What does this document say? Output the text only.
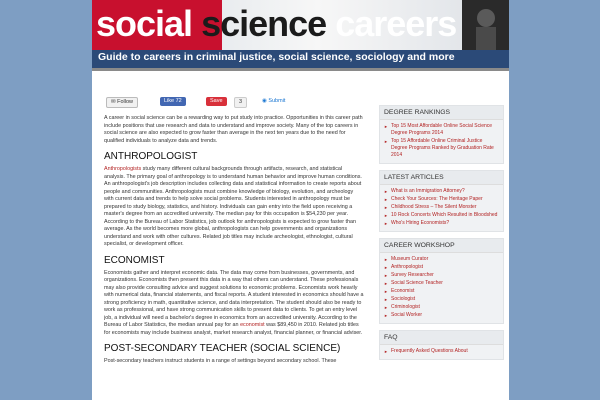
social science careers
Guide to careers in criminal justice, social science, sociology and more
✉ Follow	Like 72	Save	3	◉ Submit

A career in social science can be a rewarding way to put study into practice. Opportunities in this career path include positions that use research and data to understand and improve society. Many of the top careers in social science are also expected to grow faster than average in the next ten years due to the need for qualified individuals to analyze data and trends.

ANTHROPOLOGIST

Anthropologists study many different cultural backgrounds through artifacts, research, and statistical analysis. The primary goal of anthropology is to understand human behavior and improve human conditions. An anthropologist's job description includes collecting data and statistical information to create reports about people and communities. Anthropologists must combine knowledge of biology, evolution, and archeology with current data and trends to help solve social problems. Students interested in anthropology must be prepared to study biology, statistics, and history. Individuals can gain entry into the field upon receiving a master's degree from an accredited university. The median pay for this occupation is $54,230 per year. According to the Bureau of Labor Statistics, job outlook for anthropologists is expected to grow faster than average. As the world becomes more global, anthropologists can help governments and organizations understand and work with other cultures. Related job titles may include archeologist, ethnologist, cultural specialist, or development officer.

ECONOMIST

Economists gather and interpret economic data. The data may come from businesses, governments, and organizations. Economists then present this data in a way that others can understand. These professionals may also provide consulting advice and suggest solutions to economic problems. Economists work heavily with numerical data, financial statements, and fiscal reports. A student interested in economics should have a strong proficiency in math, quantitative science, and data interpretation. The student should also be ready to work as professional, and have strong communication skills to present data to clients. To get an entry level job, a individual will need a bachelor's degree in economics from an accredited university. According to the Bureau of Labor Statistics, the median annual pay for an economist was $89,450 in 2010. Related job titles for economists may include business analyst, market research analyst, financial planner, or financial adviser.

POST-SECONDARY TEACHER (SOCIAL SCIENCE)

Post-secondary teachers instruct students in a range of settings beyond secondary school. These

DEGREE RANKINGS
► Top 15 Most Affordable Online Social Science Degree Programs 2014
► Top 15 Affordable Online Criminal Justice Degree Programs Ranked by Graduation Rate 2014
LATEST ARTICLES
► What is an Immigration Attorney?
► Check Your Sources: The Heritage Paper
► Childhood Stress – The Silent Monster
► 10 Rock Concerts Which Resulted in Bloodshed
► Who's Hiring Economists?
CAREER WORKSHOP
► Museum Curator
► Anthropologist
► Survey Researcher
► Social Science Teacher
► Economist
► Sociologist
► Criminologist
► Social Worker
FAQ
► Frequently Asked Questions About
